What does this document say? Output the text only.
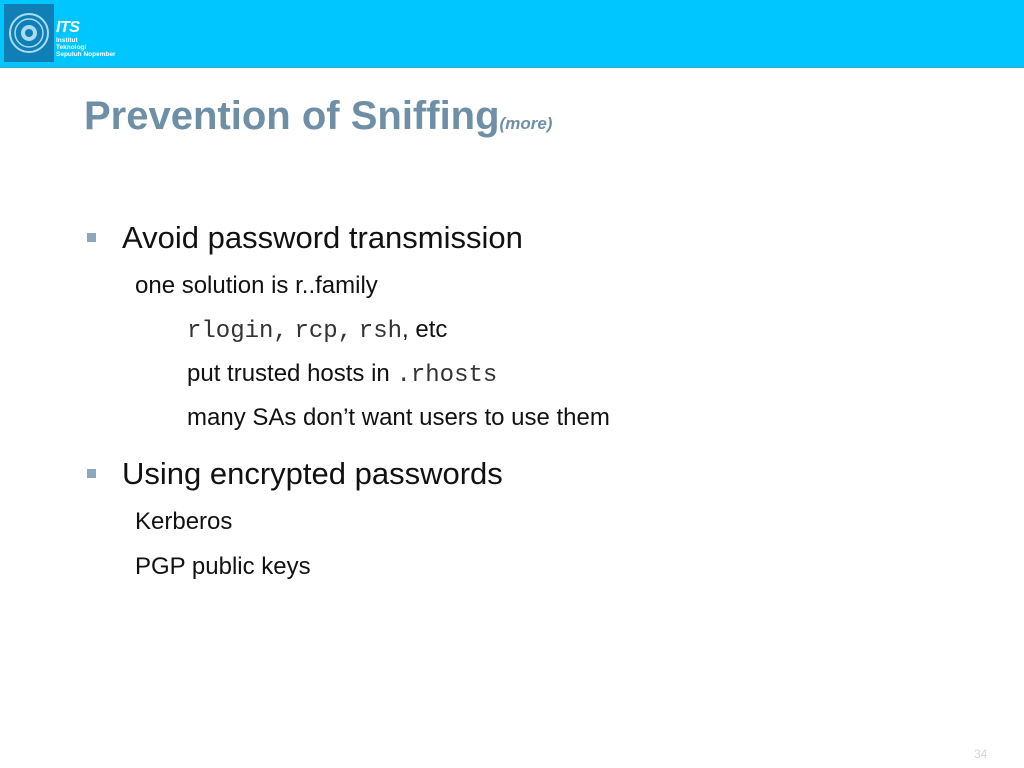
ITS
Institut
Teknologi
Sepuluh Nopember
Prevention of Sniffing(more)
Avoid password transmission
one solution is r..family
rlogin, rcp, rsh, etc
put trusted hosts in .rhosts
many SAs don’t want users to use them
Using encrypted passwords
Kerberos
PGP public keys
34
